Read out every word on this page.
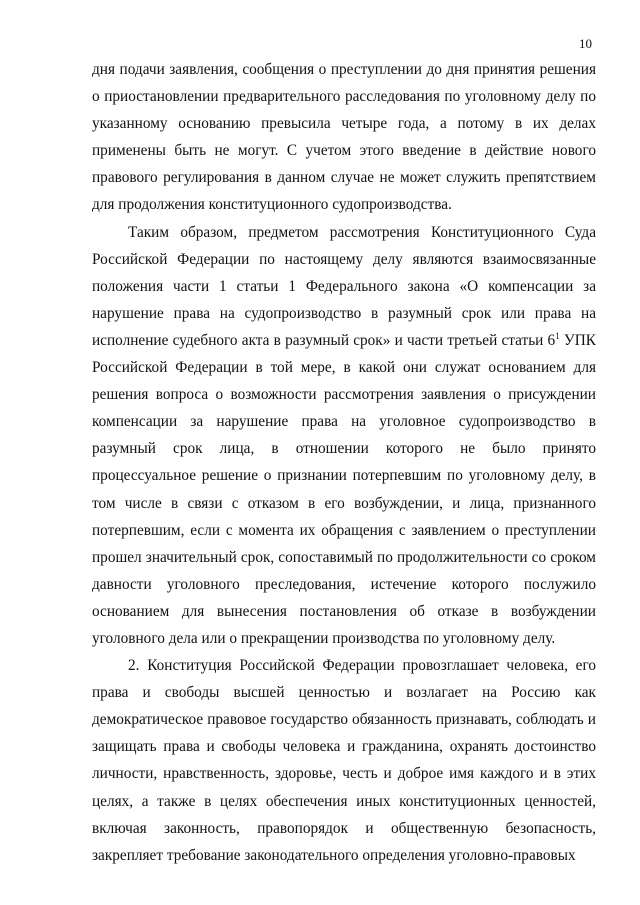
10

дня подачи заявления, сообщения о преступлении до дня принятия решения о приостановлении предварительного расследования по уголовному делу по указанному основанию превысила четыре года, а потому в их делах применены быть не могут. С учетом этого введение в действие нового правового регулирования в данном случае не может служить препятствием для продолжения конституционного судопроизводства.

Таким образом, предметом рассмотрения Конституционного Суда Российской Федерации по настоящему делу являются взаимосвязанные положения части 1 статьи 1 Федерального закона «О компенсации за нарушение права на судопроизводство в разумный срок или права на исполнение судебного акта в разумный срок» и части третьей статьи $6^1$ УПК Российской Федерации в той мере, в какой они служат основанием для решения вопроса о возможности рассмотрения заявления о присуждении компенсации за нарушение права на уголовное судопроизводство в разумный срок лица, в отношении которого не было принято процессуальное решение о признании потерпевшим по уголовному делу, в том числе в связи с отказом в его возбуждении, и лица, признанного потерпевшим, если с момента их обращения с заявлением о преступлении прошел значительный срок, сопоставимый по продолжительности со сроком давности уголовного преследования, истечение которого послужило основанием для вынесения постановления об отказе в возбуждении уголовного дела или о прекращении производства по уголовному делу.

2. Конституция Российской Федерации провозглашает человека, его права и свободы высшей ценностью и возлагает на Россию как демократическое правовое государство обязанность признавать, соблюдать и защищать права и свободы человека и гражданина, охранять достоинство личности, нравственность, здоровье, честь и доброе имя каждого и в этих целях, а также в целях обеспечения иных конституционных ценностей, включая законность, правопорядок и общественную безопасность, закрепляет требование законодательного определения уголовно-правовых
